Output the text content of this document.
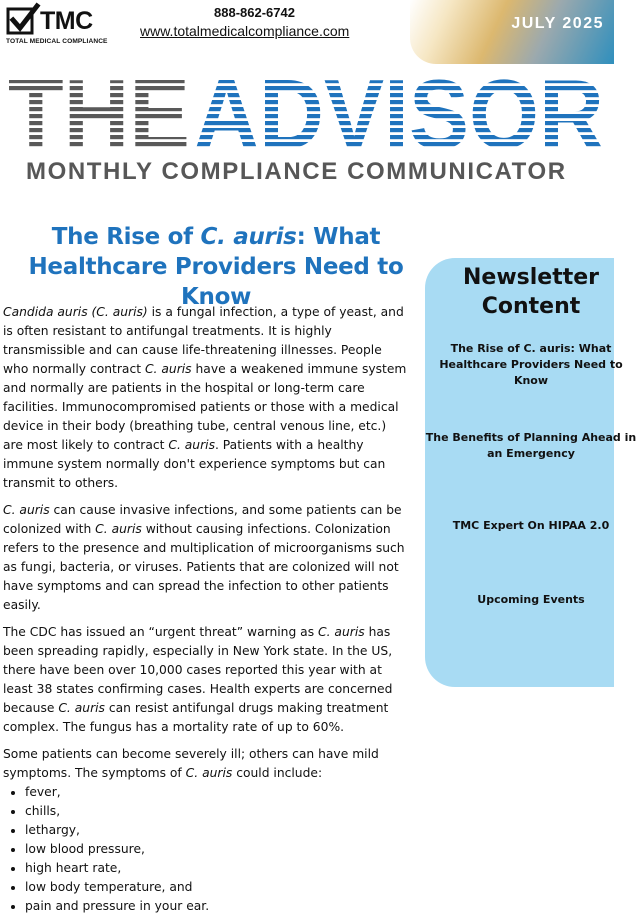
TMC
TOTAL MEDICAL COMPLIANCE
888-862-6742
www.totalmedicalcompliance.com	JULY 2025
THE ADVISOR
MONTHLY COMPLIANCE COMMUNICATOR
The Rise of C. auris: What Healthcare Providers Need to Know

Candida auris (C. auris) is a fungal infection, a type of yeast, and is often resistant to antifungal treatments. It is highly transmissible and can cause life-threatening illnesses. People who normally contract C. auris have a weakened immune system and normally are patients in the hospital or long-term care facilities. Immunocompromised patients or those with a medical device in their body (breathing tube, central venous line, etc.) are most likely to contract C. auris. Patients with a healthy immune system normally don't experience symptoms but can transmit to others.

C. auris can cause invasive infections, and some patients can be colonized with C. auris without causing infections. Colonization refers to the presence and multiplication of microorganisms such as fungi, bacteria, or viruses. Patients that are colonized will not have symptoms and can spread the infection to other patients easily.

The CDC has issued an “urgent threat” warning as C. auris has been spreading rapidly, especially in New York state. In the US, there have been over 10,000 cases reported this year with at least 38 states confirming cases. Health experts are concerned because C. auris can resist antifungal drugs making treatment complex. The fungus has a mortality rate of up to 60%.

Some patients can become severely ill; others can have mild symptoms. The symptoms of C. auris could include:

• fever,
• chills,
• lethargy,
• low blood pressure,
• high heart rate,
• low body temperature, and
• pain and pressure in your ear.
Newsletter Content
The Rise of C. auris: What Healthcare Providers Need to Know
The Benefits of Planning Ahead in an Emergency
TMC Expert On HIPAA 2.0
Upcoming Events
